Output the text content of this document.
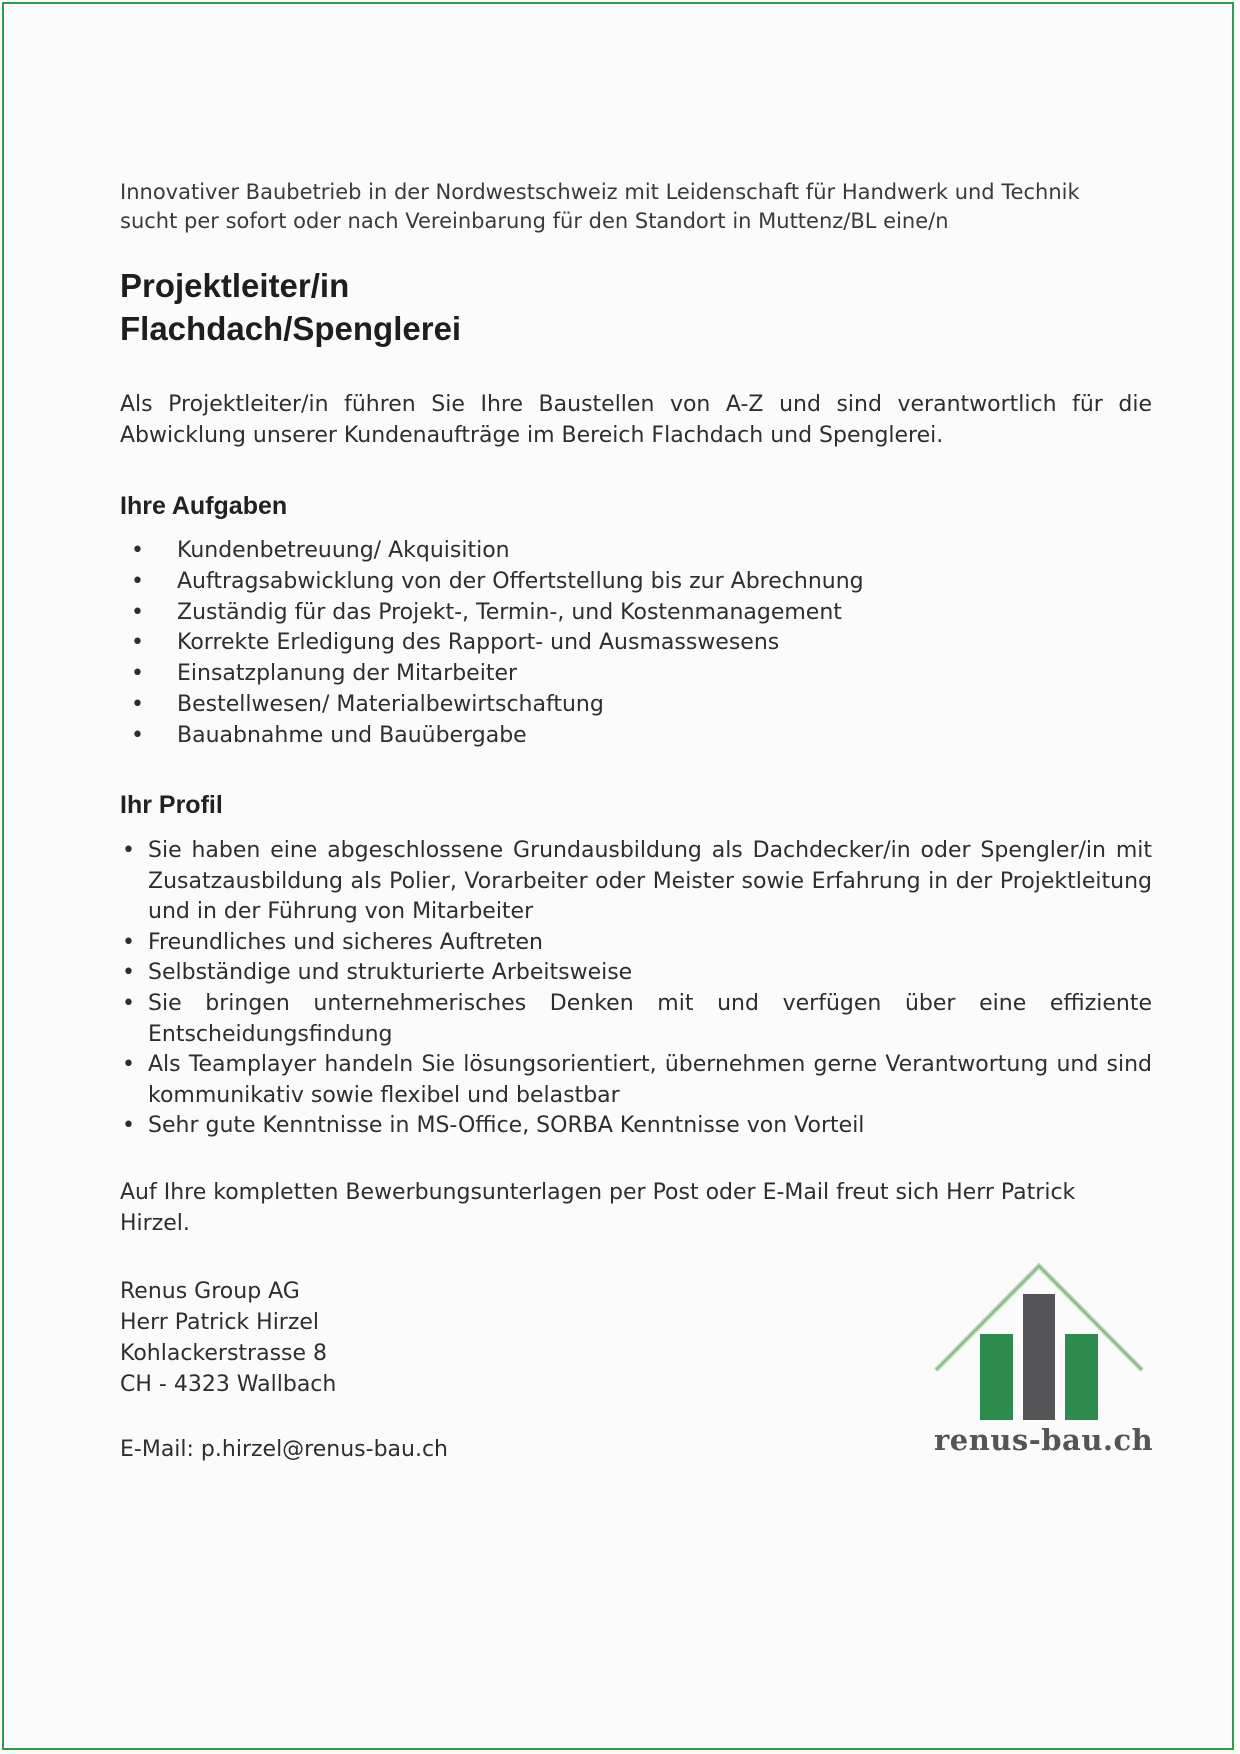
Innovativer Baubetrieb in der Nordwestschweiz mit Leidenschaft für Handwerk und Technik

sucht per sofort oder nach Vereinbarung für den Standort in Muttenz/BL eine/n

Projektleiter/in
Flachdach/Spenglerei

Als Projektleiter/in führen Sie Ihre Baustellen von A-Z und sind verantwortlich für die Abwicklung unserer Kundenaufträge im Bereich Flachdach und Spenglerei.

Ihre Aufgaben
• Kundenbetreuung/ Akquisition
• Auftragsabwicklung von der Offertstellung bis zur Abrechnung
• Zuständig für das Projekt-, Termin-, und Kostenmanagement
• Korrekte Erledigung des Rapport- und Ausmasswesens
• Einsatzplanung der Mitarbeiter
• Bestellwesen/ Materialbewirtschaftung
• Bauabnahme und Bauübergabe
Ihr Profil
• Sie haben eine abgeschlossene Grundausbildung als Dachdecker/in oder Spengler/in mit Zusatzausbildung als Polier, Vorarbeiter oder Meister sowie Erfahrung in der Projektleitung und in der Führung von Mitarbeiter
• Freundliches und sicheres Auftreten
• Selbständige und strukturierte Arbeitsweise
• Sie bringen unternehmerisches Denken mit und verfügen über eine effiziente Entscheidungsfindung
• Als Teamplayer handeln Sie lösungsorientiert, übernehmen gerne Verantwortung und sind kommunikativ sowie flexibel und belastbar
• Sehr gute Kenntnisse in MS-Office, SORBA Kenntnisse von Vorteil

Auf Ihre kompletten Bewerbungsunterlagen per Post oder E-Mail freut sich Herr Patrick Hirzel.

Renus Group AG
Herr Patrick Hirzel
Kohlackerstrasse 8
CH - 4323 Wallbach
E-Mail: p.hirzel@renus-bau.ch	renus-bau.ch
